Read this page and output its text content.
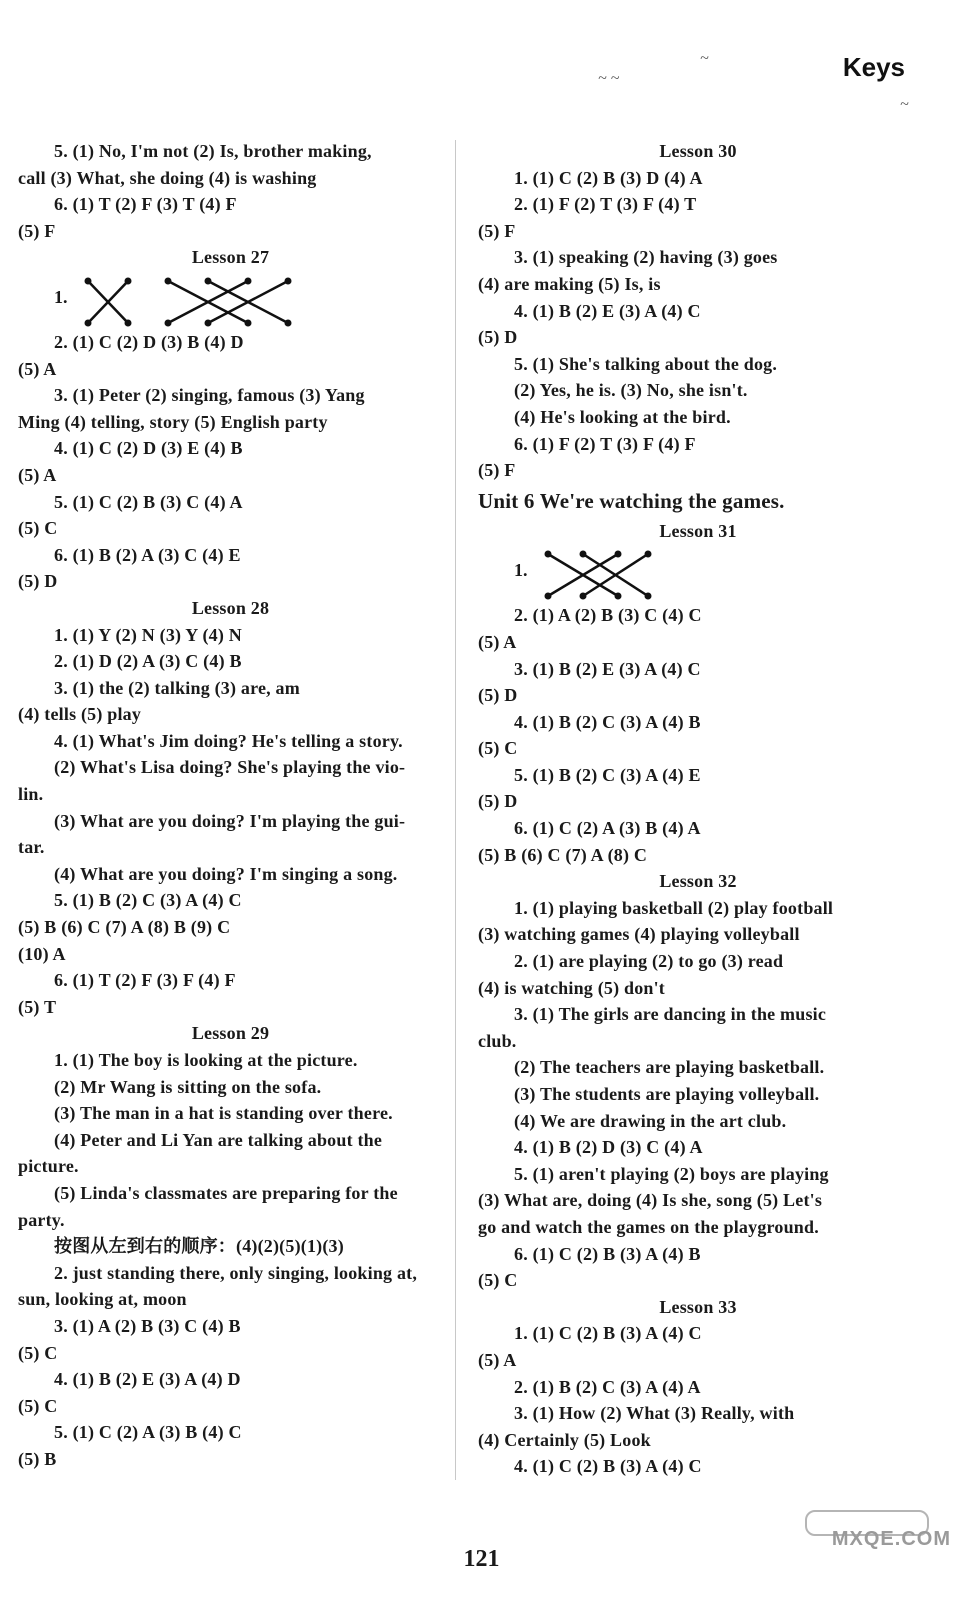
Keys
~ ~
~
~
5. (1) No, I'm not (2) Is, brother making,
call (3) What, she doing (4) is washing
6. (1) T (2) F (3) T (4) F
(5) F
Lesson 27
1.
2. (1) C (2) D (3) B (4) D
(5) A
3. (1) Peter (2) singing, famous (3) Yang
Ming (4) telling, story (5) English party
4. (1) C (2) D (3) E (4) B
(5) A
5. (1) C (2) B (3) C (4) A
(5) C
6. (1) B (2) A (3) C (4) E
(5) D
Lesson 28
1. (1) Y (2) N (3) Y (4) N
2. (1) D (2) A (3) C (4) B
3. (1) the (2) talking (3) are, am
(4) tells (5) play
4. (1) What's Jim doing? He's telling a story.
(2) What's Lisa doing? She's playing the vio-
lin.
(3) What are you doing? I'm playing the gui-
tar.
(4) What are you doing? I'm singing a song.
5. (1) B (2) C (3) A (4) C
(5) B (6) C (7) A (8) B (9) C
(10) A
6. (1) T (2) F (3) F (4) F
(5) T
Lesson 29
1. (1) The boy is looking at the picture.
(2) Mr Wang is sitting on the sofa.
(3) The man in a hat is standing over there.
(4) Peter and Li Yan are talking about the
picture.
(5) Linda's classmates are preparing for the
party.
按图从左到右的顺序：(4)(2)(5)(1)(3)
2. just standing there, only singing, looking at,
sun, looking at, moon
3. (1) A (2) B (3) C (4) B
(5) C
4. (1) B (2) E (3) A (4) D
(5) C
5. (1) C (2) A (3) B (4) C
(5) B
Lesson 30
1. (1) C (2) B (3) D (4) A
2. (1) F (2) T (3) F (4) T
(5) F
3. (1) speaking (2) having (3) goes
(4) are making (5) Is, is
4. (1) B (2) E (3) A (4) C
(5) D
5. (1) She's talking about the dog.
(2) Yes, he is. (3) No, she isn't.
(4) He's looking at the bird.
6. (1) F (2) T (3) F (4) F
(5) F
Unit 6 We're watching the games.
Lesson 31
1.
2. (1) A (2) B (3) C (4) C
(5) A
3. (1) B (2) E (3) A (4) C
(5) D
4. (1) B (2) C (3) A (4) B
(5) C
5. (1) B (2) C (3) A (4) E
(5) D
6. (1) C (2) A (3) B (4) A
(5) B (6) C (7) A (8) C
Lesson 32
1. (1) playing basketball (2) play football
(3) watching games (4) playing volleyball
2. (1) are playing (2) to go (3) read
(4) is watching (5) don't
3. (1) The girls are dancing in the music
club.
(2) The teachers are playing basketball.
(3) The students are playing volleyball.
(4) We are drawing in the art club.
4. (1) B (2) D (3) C (4) A
5. (1) aren't playing (2) boys are playing
(3) What are, doing (4) Is she, song (5) Let's
go and watch the games on the playground.
6. (1) C (2) B (3) A (4) B
(5) C
Lesson 33
1. (1) C (2) B (3) A (4) C
(5) A
2. (1) B (2) C (3) A (4) A
3. (1) How (2) What (3) Really, with
(4) Certainly (5) Look
4. (1) C (2) B (3) A (4) C
121
MXQE.COM
